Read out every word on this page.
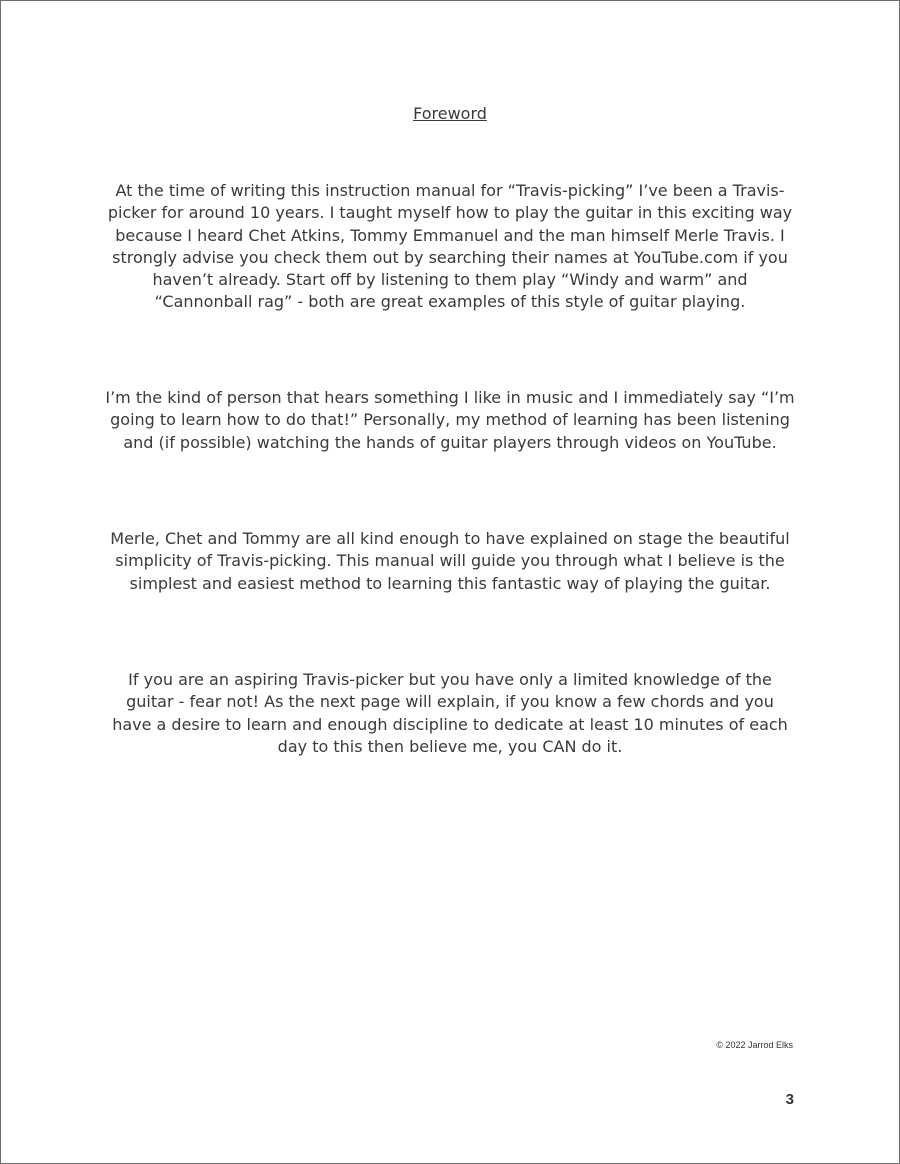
Foreword

At the time of writing this instruction manual for “Travis-picking” I’ve been a Travis-picker for around 10 years. I taught myself how to play the guitar in this exciting way because I heard Chet Atkins, Tommy Emmanuel and the man himself Merle Travis. I strongly advise you check them out by searching their names at YouTube.com if you haven’t already. Start off by listening to them play “Windy and warm” and “Cannonball rag” - both are great examples of this style of guitar playing.

I’m the kind of person that hears something I like in music and I immediately say “I’m going to learn how to do that!” Personally, my method of learning has been listening and (if possible) watching the hands of guitar players through videos on YouTube.

Merle, Chet and Tommy are all kind enough to have explained on stage the beautiful simplicity of Travis-picking. This manual will guide you through what I believe is the simplest and easiest method to learning this fantastic way of playing the guitar.

If you are an aspiring Travis-picker but you have only a limited knowledge of the guitar - fear not! As the next page will explain, if you know a few chords and you have a desire to learn and enough discipline to dedicate at least 10 minutes of each day to this then believe me, you CAN do it.

© 2022 Jarrod Elks
3
